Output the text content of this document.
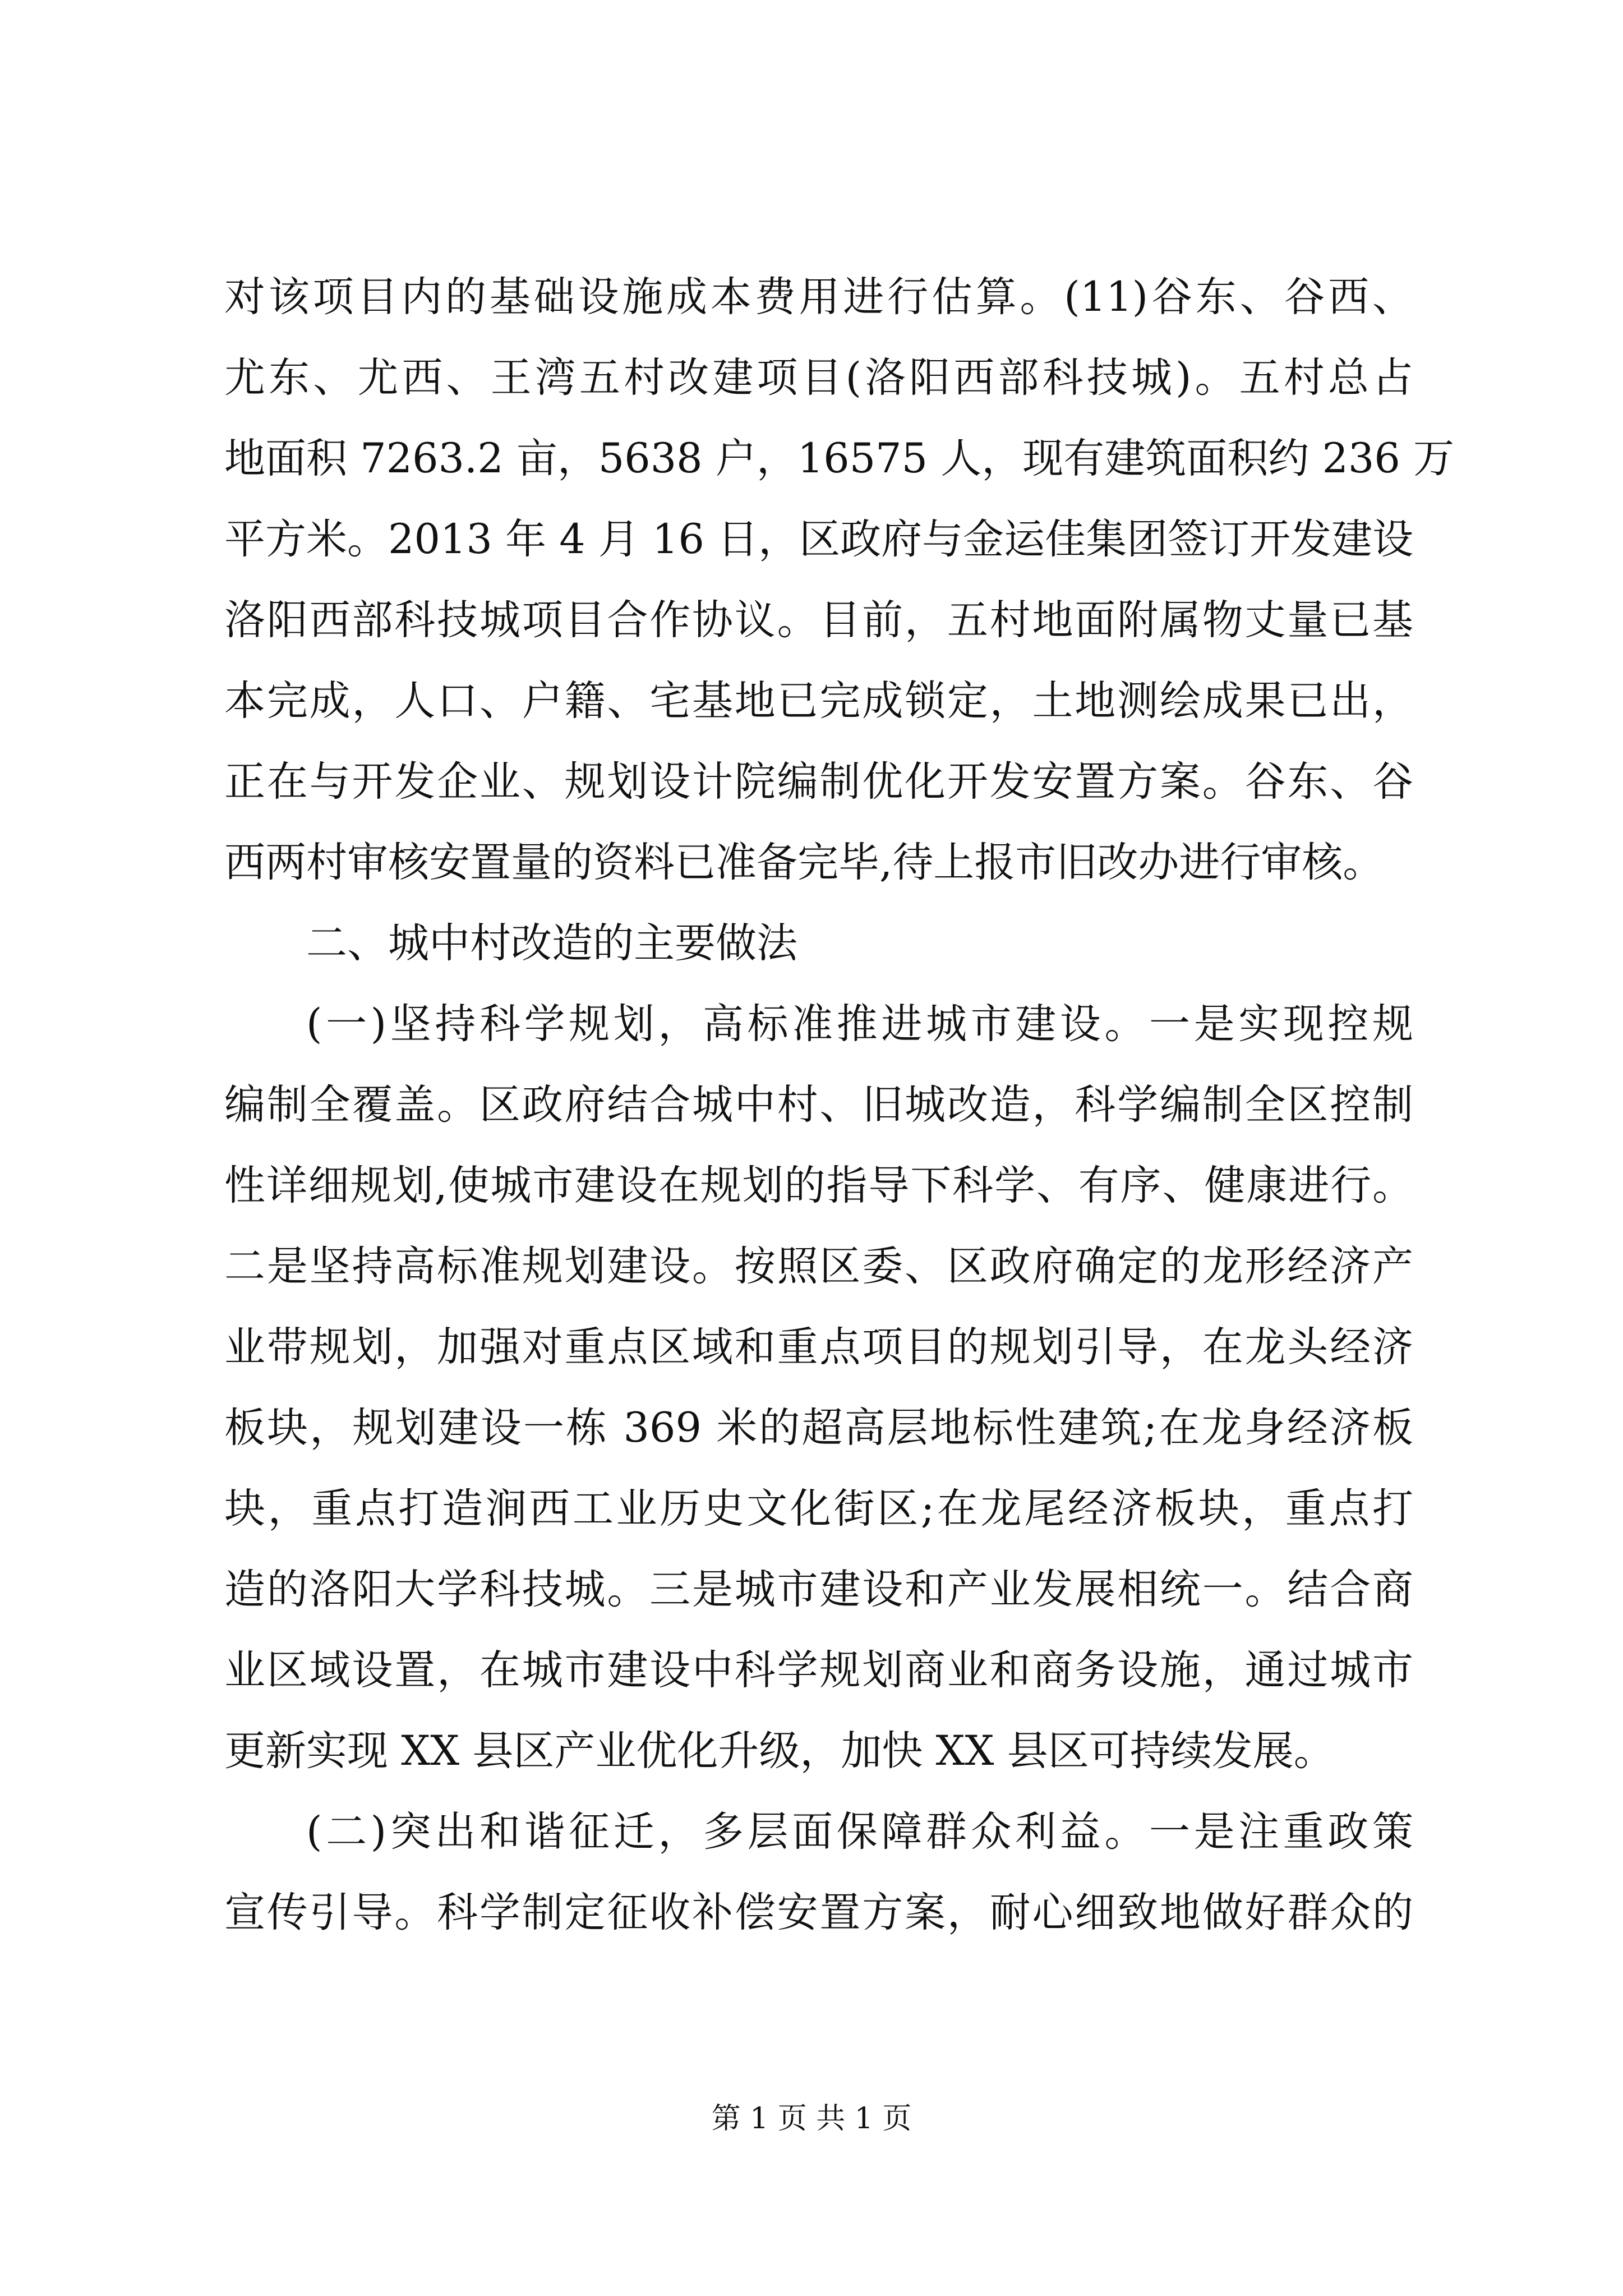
对该项目内的基础设施成本费用进行估算。(11)谷东、谷西、
尤东、尤西、王湾五村改建项目(洛阳西部科技城)。五村总占
地面积 7263.2 亩，5638 户，16575 人，现有建筑面积约 236 万
平方米。2013 年 4 月 16 日，区政府与金运佳集团签订开发建设
洛阳西部科技城项目合作协议。目前，五村地面附属物丈量已基
本完成，人口、户籍、宅基地已完成锁定，土地测绘成果已出，
正在与开发企业、规划设计院编制优化开发安置方案。谷东、谷
西两村审核安置量的资料已准备完毕,待上报市旧改办进行审核。
二、城中村改造的主要做法
(一)坚持科学规划，高标准推进城市建设。一是实现控规
编制全覆盖。区政府结合城中村、旧城改造，科学编制全区控制
性详细规划,使城市建设在规划的指导下科学、有序、健康进行。
二是坚持高标准规划建设。按照区委、区政府确定的龙形经济产
业带规划，加强对重点区域和重点项目的规划引导，在龙头经济
板块，规划建设一栋 369 米的超高层地标性建筑;在龙身经济板
块，重点打造涧西工业历史文化街区;在龙尾经济板块，重点打
造的洛阳大学科技城。三是城市建设和产业发展相统一。结合商
业区域设置，在城市建设中科学规划商业和商务设施，通过城市
更新实现 XX 县区产业优化升级，加快 XX 县区可持续发展。
(二)突出和谐征迁，多层面保障群众利益。一是注重政策
宣传引导。科学制定征收补偿安置方案，耐心细致地做好群众的
第 1 页 共 1 页
